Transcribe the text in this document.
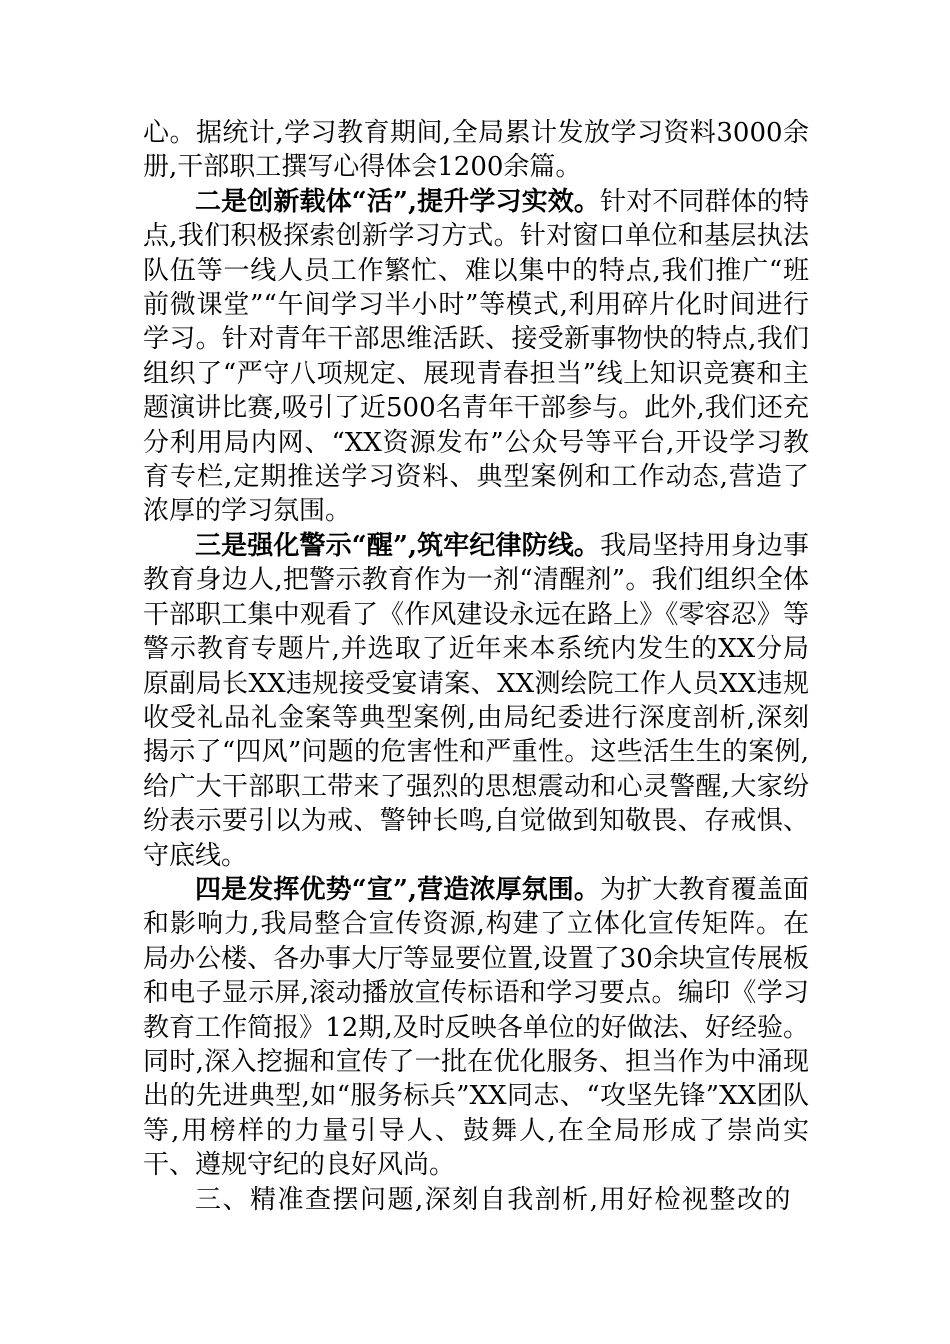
心。据统计,学习教育期间,全局累计发放学习资料3000余册,干部职工撰写心得体会1200余篇。

二是创新载体“活”,提升学习实效。针对不同群体的特点,我们积极探索创新学习方式。针对窗口单位和基层执法队伍等一线人员工作繁忙、难以集中的特点,我们推广“班前微课堂”“午间学习半小时”等模式,利用碎片化时间进行学习。针对青年干部思维活跃、接受新事物快的特点,我们组织了“严守八项规定、展现青春担当”线上知识竞赛和主题演讲比赛,吸引了近500名青年干部参与。此外,我们还充分利用局内网、“XX资源发布”公众号等平台,开设学习教育专栏,定期推送学习资料、典型案例和工作动态,营造了浓厚的学习氛围。

三是强化警示“醒”,筑牢纪律防线。我局坚持用身边事教育身边人,把警示教育作为一剂“清醒剂”。我们组织全体干部职工集中观看了《作风建设永远在路上》《零容忍》等警示教育专题片,并选取了近年来本系统内发生的XX分局原副局长XX违规接受宴请案、XX测绘院工作人员XX违规收受礼品礼金案等典型案例,由局纪委进行深度剖析,深刻揭示了“四风”问题的危害性和严重性。这些活生生的案例,给广大干部职工带来了强烈的思想震动和心灵警醒,大家纷纷表示要引以为戒、警钟长鸣,自觉做到知敬畏、存戒惧、守底线。

四是发挥优势“宣”,营造浓厚氛围。为扩大教育覆盖面和影响力,我局整合宣传资源,构建了立体化宣传矩阵。在局办公楼、各办事大厅等显要位置,设置了30余块宣传展板和电子显示屏,滚动播放宣传标语和学习要点。编印《学习教育工作简报》12期,及时反映各单位的好做法、好经验。同时,深入挖掘和宣传了一批在优化服务、担当作为中涌现出的先进典型,如“服务标兵”XX同志、“攻坚先锋”XX团队等,用榜样的力量引导人、鼓舞人,在全局形成了崇尚实干、遵规守纪的良好风尚。

三、精准查摆问题,深刻自我剖析,用好检视整改的
